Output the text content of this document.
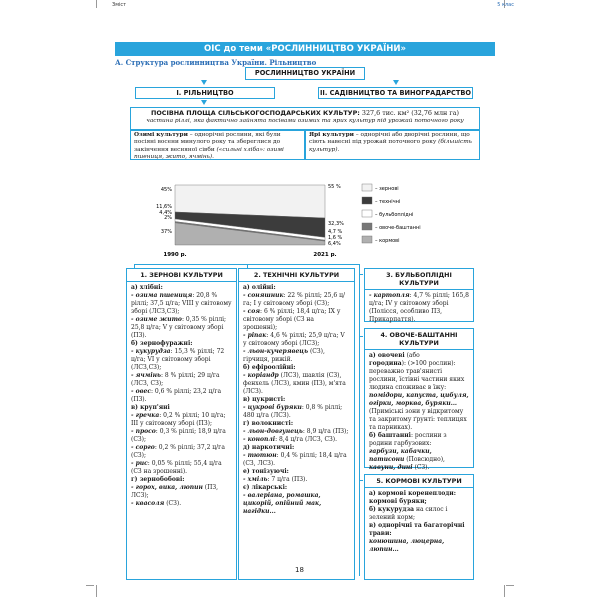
Зміст	5 клас
ОІС до теми «РОСЛИННИЦТВО УКРАЇНИ»
А. Структура рослинництва України. Рільництво
РОСЛИННИЦТВО УКРАЇНИ
І. РІЛЬНИЦТВО	ІІ. САДІВНИЦТВО ТА ВИНОГРАДАРСТВО
ПОСІВНА ПЛОЩА СІЛЬСЬКОГОСПОДАРСЬКИХ КУЛЬТУР: 327,6 тис. км² (32,76 млн га)
частина ріллі, яка фактично зайнята посівами озимих та ярих культур під урожай поточного року
Озимі культури – однорічні рослини, які були посіяні восени минулого року та збереглися до закінчення весняної сівби («сильні хліба»: озимі пшениця, жито, ячмінь).
Ярі культури – однорічні або дворічні рослини, що сіють навесні під урожай поточного року (більшість культур).
45%
11,6%
4,4%
2%
37%
55 %
32,3%
4,7 %
1,6 %
6,4%
1990 р.	2021 р.
– зернові
– технічні
– бульбоплідні
– овоче-баштанні
– кормові
1. ЗЕРНОВІ КУЛЬТУРИ
а) хлібні:
- озима пшениця: 20,8 % ріллі; 37,5 ц/га; VIII у світовому зборі (ЛСЗ,СЗ);
- озиме жито: 0,35 % ріллі; 25,8 ц/га; V у світовому зборі (ПЗ).
б) зернофуражні:
- кукурудза: 15,3 % ріллі; 72 ц/га; VI у світовому зборі (ЛСЗ,СЗ);
- ячмінь: 8 % ріллі; 29 ц/га (ЛСЗ, СЗ);
- овес: 0,6 % ріллі; 23,2 ц/га (ПЗ).
в) круп'яні
- гречка: 0,2 % ріллі; 10 ц/га; ІІІ у світовому зборі (ПЗ);
- просо: 0,3 % ріллі; 18,9 ц/га (СЗ);
- сорго: 0,2 % ріллі; 37,2 ц/га (СЗ);
- рис: 0,05 % ріллі; 55,4 ц/га (СЗ на зрошенні).
г) зернобобові:
- горох, вика, люпин (ПЗ, ЛСЗ);
- квасоля (СЗ).
2. ТЕХНІЧНІ КУЛЬТУРИ
а) олійні:
- соняшник: 22 % ріллі; 25,6 ц/га; І у світовому зборі (СЗ);
- соя: 6 % ріллі; 18,4 ц/га; ІХ у світовому зборі (СЗ на зрошенні);
- ріпак: 4,6 % ріллі; 25,9 ц/га; V у світовому зборі (ЛСЗ);
- льон-кучерявець (СЗ), гірчиця, рижій.
б) ефіроолійні:
- коріандр (ЛСЗ), шавлія (СЗ), фенхель (ЛСЗ), кмин (ПЗ), м'ята (ЛСЗ).
в) цукристі:
- цукрові буряки: 0,8 % ріллі; 480 ц/га (ЛСЗ).
г) волокнисті:
- льон-довгунець: 8,9 ц/га (ПЗ);
- коноплі: 8,4 ц/га (ЛСЗ, СЗ).
д) наркотичні:
- тютюн: 0,4 % ріллі; 18,4 ц/га (СЗ, ЛСЗ).
е) тонізуючі:
- хміль: 7 ц/га (ПЗ).
є) лікарські:
- валеріана, ромашка, цикорій, опійний мак, нагідки...
3. БУЛЬБОПЛІДНІ КУЛЬТУРИ
- картопля: 4,7 % ріллі; 165,8 ц/га; IV у світовому зборі (Полісся, особливо ПЗ, Прикарпаття).
4. ОВОЧЕ-БАШТАННІ КУЛЬТУРИ
а) овочеві (або
городина): (>100 рослин): переважно трав'янисті рослини, їстівні частини яких людина споживає в їжу:
помідори, капуста, цибуля, огірки, морква, буряки... (Приміські зони у відкритому та закритому ґрунті: теплицях та парниках).
б) баштанні: рослини з родини гарбузових:
гарбузи, кабачки, патисони (Повсюдно),
кавуни, дині (СЗ).
5. КОРМОВІ КУЛЬТУРИ
а) кормові коренеплоди: кормові буряки;
б) кукурудза на силос і зелений корм;
в) однорічні та багаторічні трави:
конюшина, люцерна, люпин...
18
